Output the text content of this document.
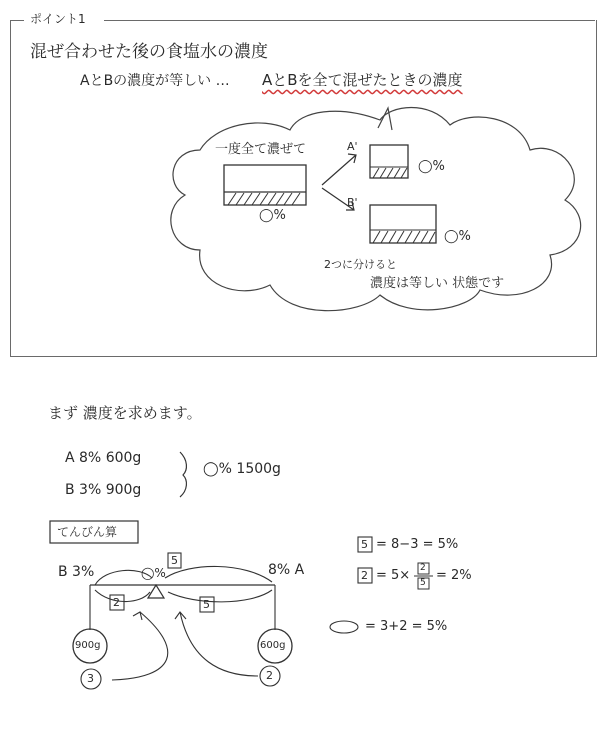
ポイント1
混ぜ合わせた後の食塩水の濃度
AとBの濃度が等しい … AとBを全て混ぜたときの濃度
一度全て濃ぜて
◯%
A'
B'
◯%
◯%
2つに分けると
濃度は等しい 状態です
まず 濃度を求めます。
A 8% 600g
B 3% 900g
◯% 1500g
てんびん算
B 3%	8% A
◯%
5
2	5
900g	600g
3	2
5 = 8−3 = 5%
2 = 5× 2
5 = 2%
= 3+2 = 5%
